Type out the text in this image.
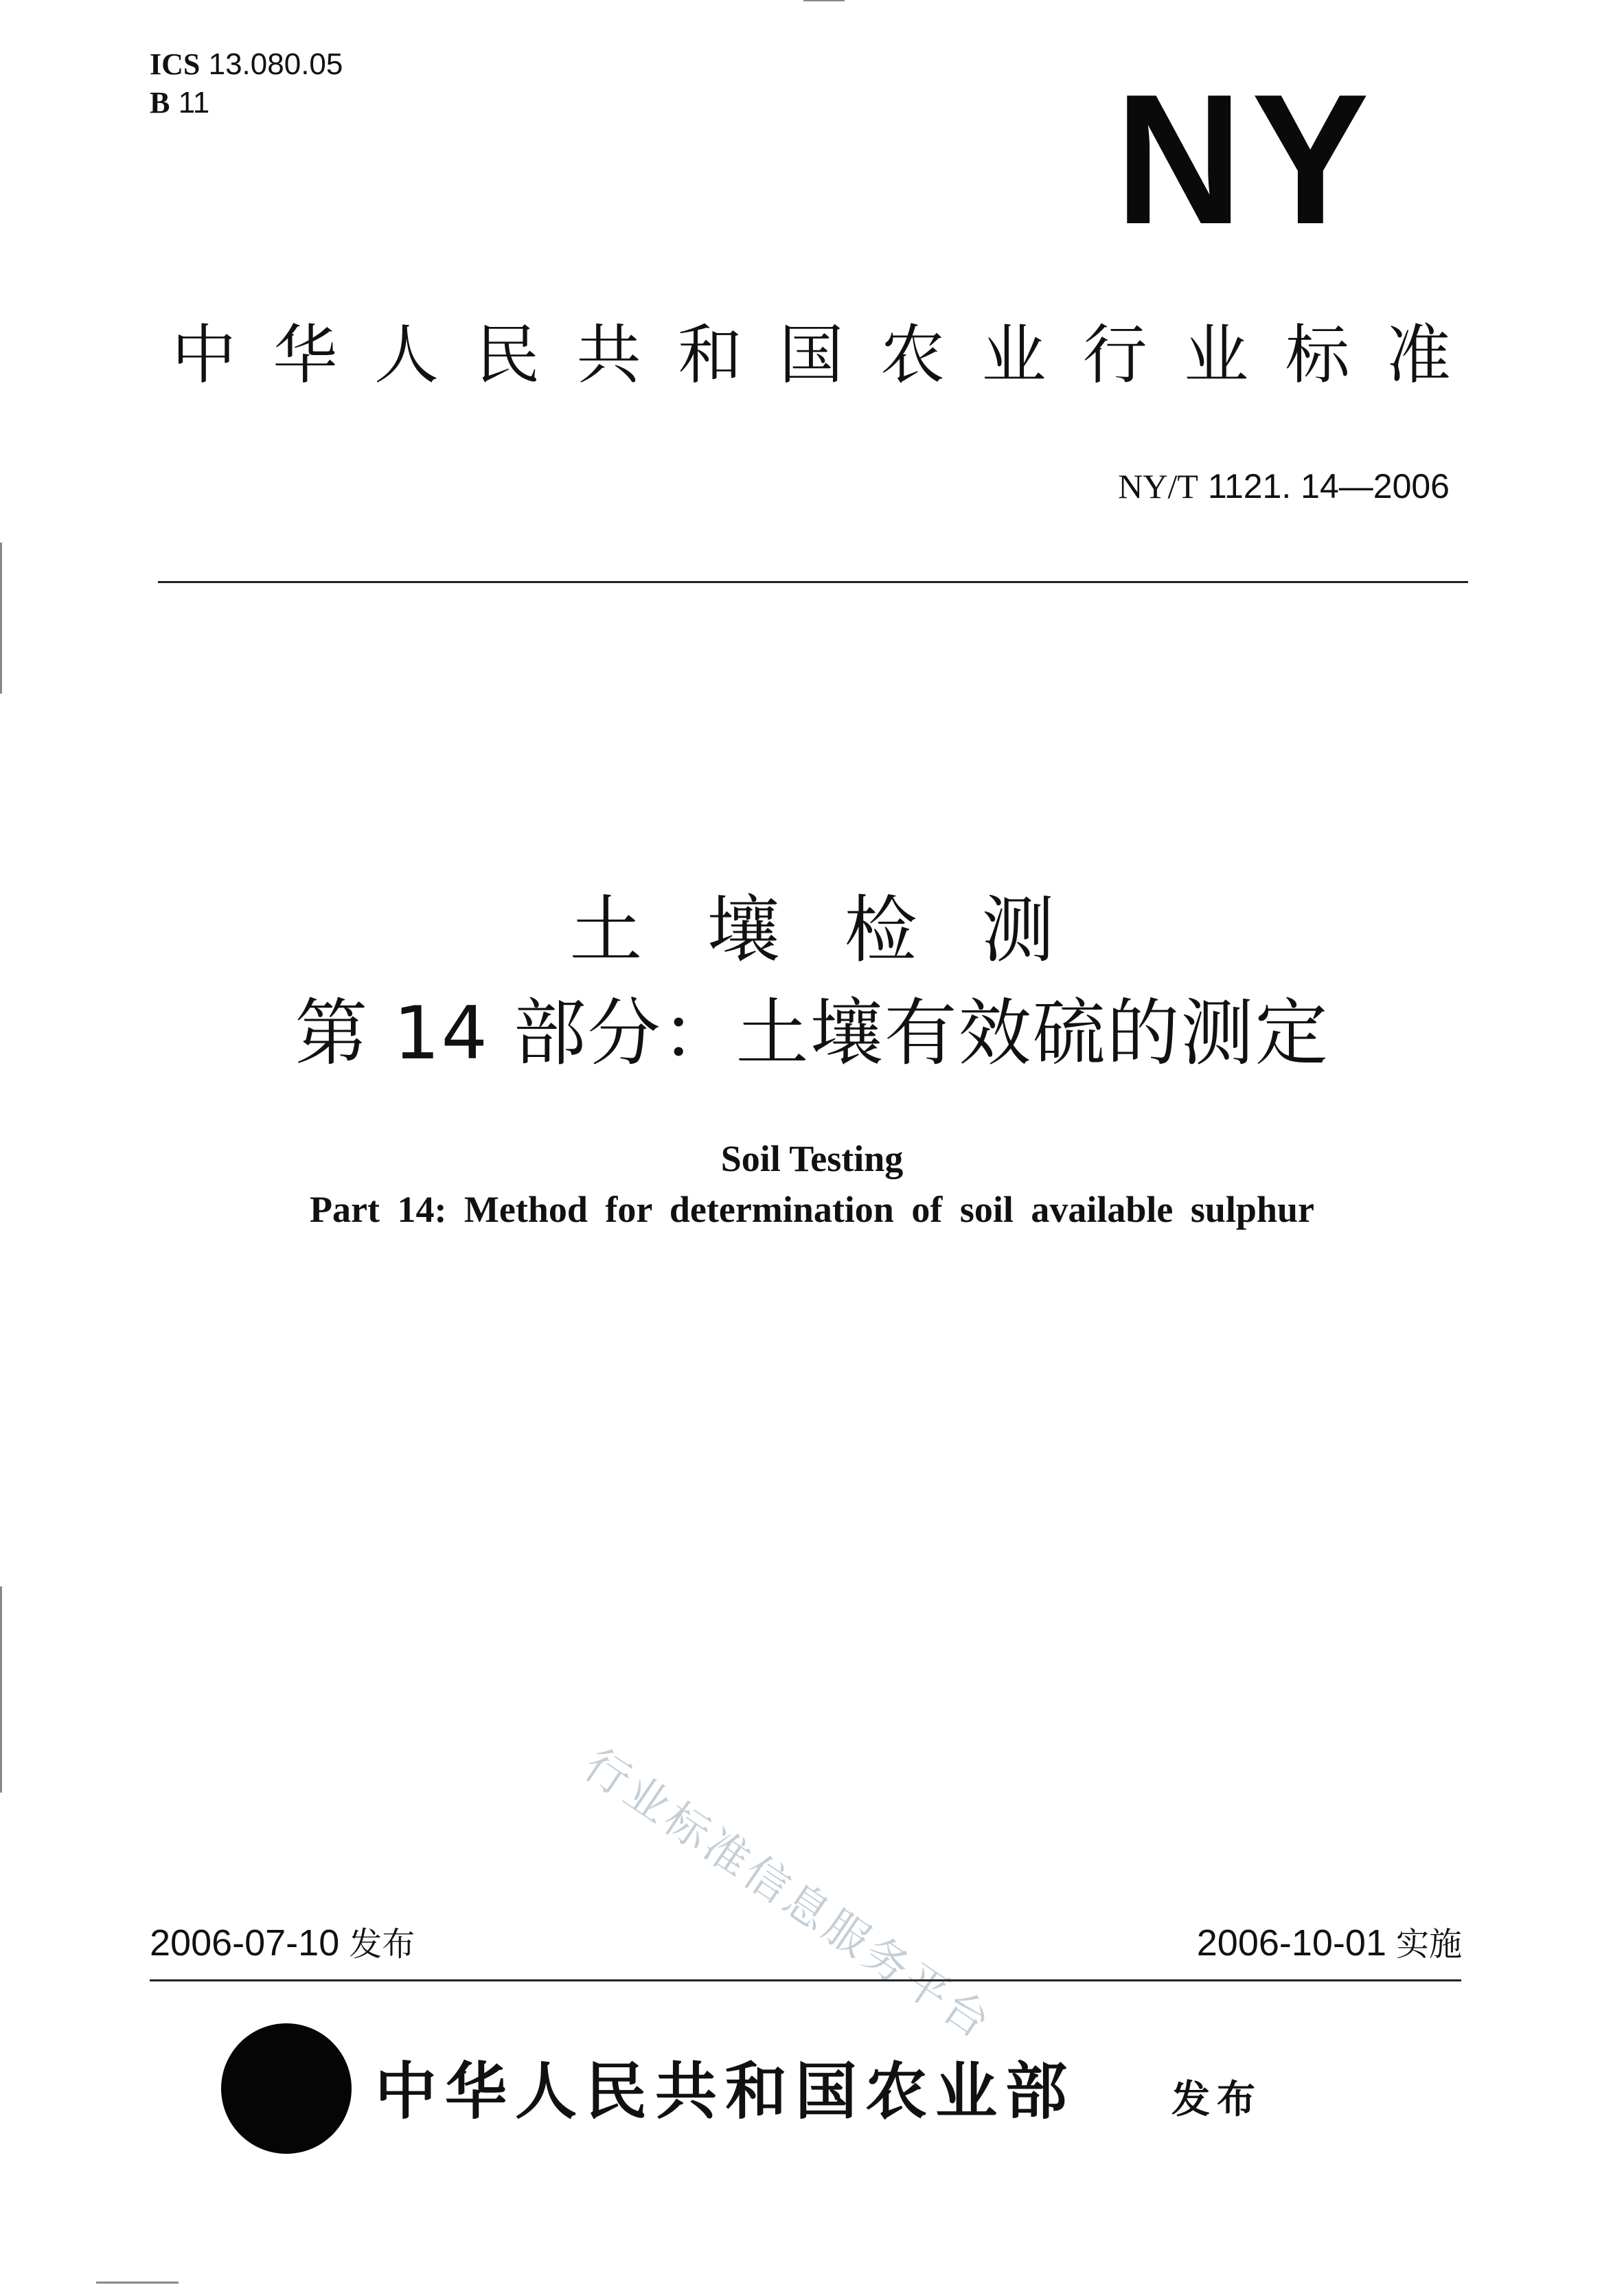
ICS 13.080.05
B 11	NY
中华人民共和国农业行业标准
NY/T 1121. 14—2006
土壤检测
第 14 部分：土壤有效硫的测定
Soil Testing
Part 14: Method for determination of soil available sulphur
行业标准信息服务平台
2006-07-10 发布	2006-10-01 实施
中华人民共和国农业部	发布
